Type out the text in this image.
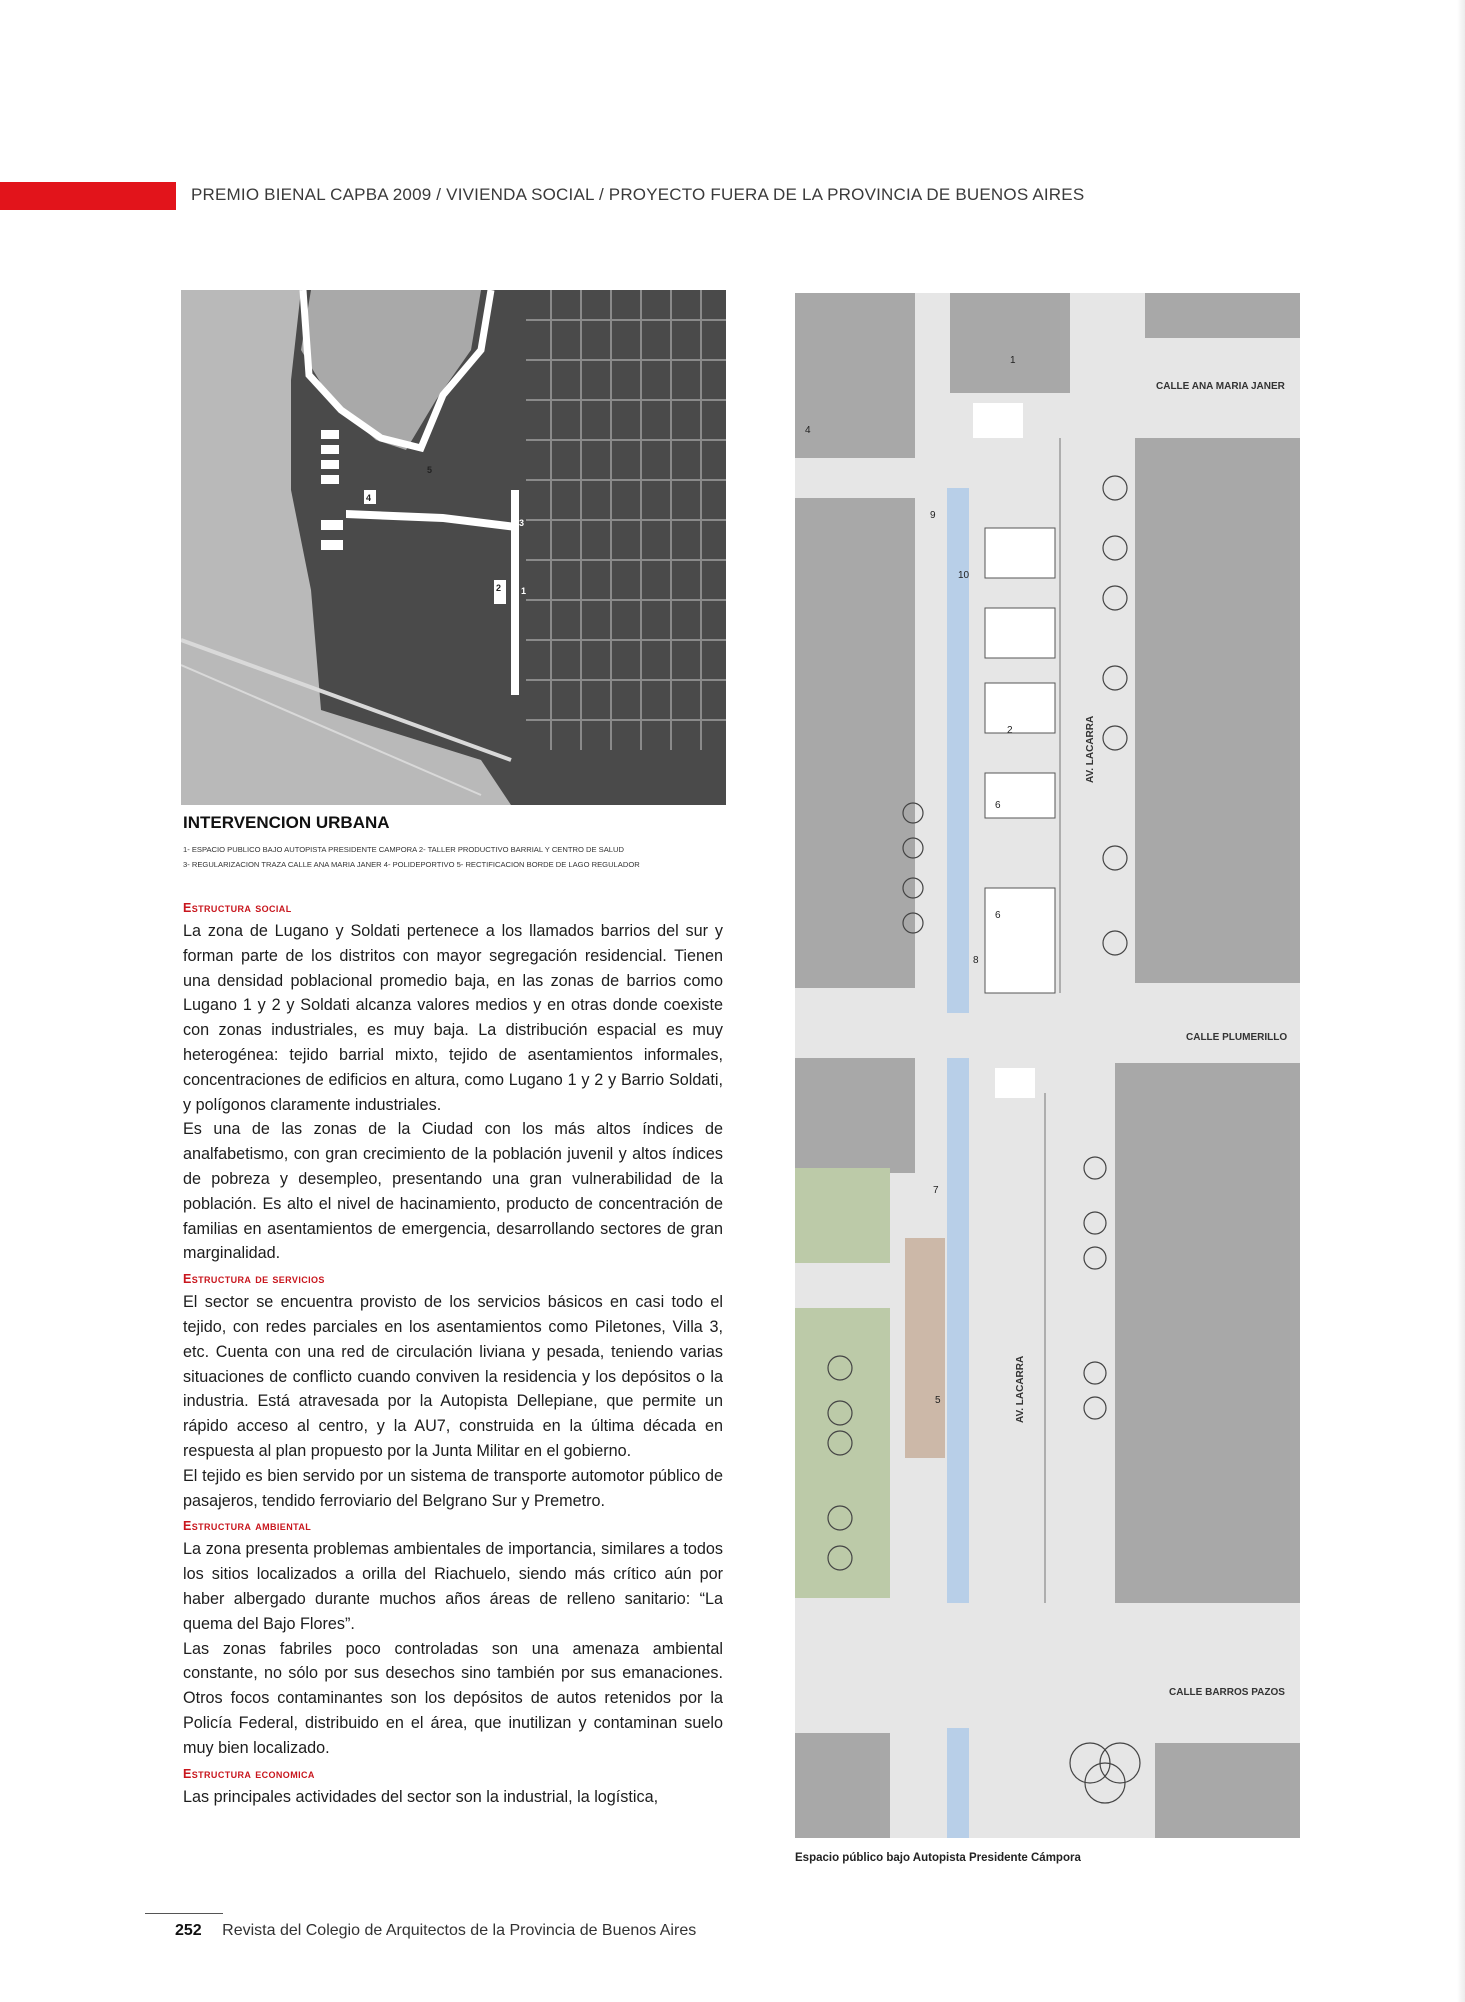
PREMIO BIENAL CAPBA 2009 / VIVIENDA SOCIAL / PROYECTO FUERA DE LA PROVINCIA DE BUENOS AIRES
4
2 1
3
5
INTERVENCION URBANA
1- ESPACIO PUBLICO BAJO AUTOPISTA PRESIDENTE CAMPORA 2- TALLER PRODUCTIVO BARRIAL Y CENTRO DE SALUD
3- REGULARIZACION TRAZA CALLE ANA MARIA JANER 4- POLIDEPORTIVO 5- RECTIFICACION BORDE DE LAGO REGULADOR
Estructura social

La zona de Lugano y Soldati pertenece a los llamados barrios del sur y forman parte de los distritos con mayor segregación residencial. Tienen una densidad poblacional promedio baja, en las zonas de barrios como Lugano 1 y 2 y Soldati alcanza valores medios y en otras donde coexiste con zonas industriales, es muy baja. La distribución espacial es muy heterogénea: tejido barrial mixto, tejido de asentamientos informales, concentraciones de edificios en altura, como Lugano 1 y 2 y Barrio Soldati, y polígonos claramente industriales.

Es una de las zonas de la Ciudad con los más altos índices de analfabetismo, con gran crecimiento de la población juvenil y altos índices de pobreza y desempleo, presentando una gran vulnerabilidad de la población. Es alto el nivel de hacinamiento, producto de concentración de familias en asentamientos de emergencia, desarrollando sectores de gran marginalidad.

Estructura de servicios

El sector se encuentra provisto de los servicios básicos en casi todo el tejido, con redes parciales en los asentamientos como Piletones, Villa 3, etc. Cuenta con una red de circulación liviana y pesada, teniendo varias situaciones de conflicto cuando conviven la residencia y los depósitos o la industria. Está atravesada por la Autopista Dellepiane, que permite un rápido acceso al centro, y la AU7, construida en la última década en respuesta al plan propuesto por la Junta Militar en el gobierno.

El tejido es bien servido por un sistema de transporte automotor público de pasajeros, tendido ferroviario del Belgrano Sur y Premetro.

Estructura ambiental

La zona presenta problemas ambientales de importancia, similares a todos los sitios localizados a orilla del Riachuelo, siendo más crítico aún por haber albergado durante muchos años áreas de relleno sanitario: “La quema del Bajo Flores”.

Las zonas fabriles poco controladas son una amenaza ambiental constante, no sólo por sus desechos sino también por sus emanaciones. Otros focos contaminantes son los depósitos de autos retenidos por la Policía Federal, distribuido en el área, que inutilizan y contaminan suelo muy bien localizado.

Estructura economica

Las principales actividades del sector son la industrial, la logística,

CALLE ANA MARIA JANER
CALLE PLUMERILLO
CALLE BARROS PAZOS
AV. LACARRA
AV. LACARRA
1
4
2
6
6
5
7
8
9
10
Espacio público bajo Autopista Presidente Cámpora
252 Revista del Colegio de Arquitectos de la Provincia de Buenos Aires
